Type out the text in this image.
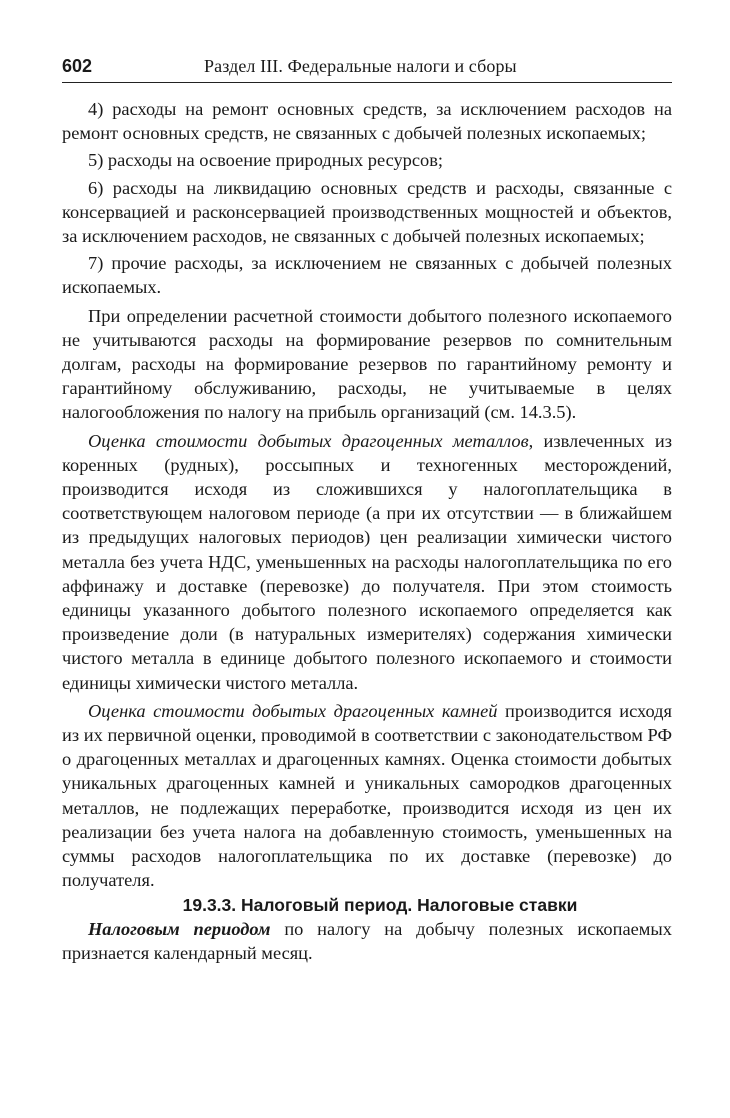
602	Раздел III. Федеральные налоги и сборы

4) расходы на ремонт основных средств, за исключением расходов на ремонт основных средств, не связанных с добычей полезных ископаемых;

5) расходы на освоение природных ресурсов;

6) расходы на ликвидацию основных средств и расходы, связанные с консервацией и расконсервацией производственных мощностей и объектов, за исключением расходов, не связанных с добычей полезных ископаемых;

7) прочие расходы, за исключением не связанных с добычей полезных ископаемых.

При определении расчетной стоимости добытого полезного ископаемого не учитываются расходы на формирование резервов по сомнительным долгам, расходы на формирование резервов по гарантийному ремонту и гарантийному обслуживанию, расходы, не учитываемые в целях налогообложения по налогу на прибыль организаций (см. 14.3.5).

Оценка стоимости добытых драгоценных металлов, извлеченных из коренных (рудных), россыпных и техногенных месторождений, производится исходя из сложившихся у налогоплательщика в соответствующем налоговом периоде (а при их отсутствии — в ближайшем из предыдущих налоговых периодов) цен реализации химически чистого металла без учета НДС, уменьшенных на расходы налогоплательщика по его аффинажу и доставке (перевозке) до получателя. При этом стоимость единицы указанного добытого полезного ископаемого определяется как произведение доли (в натуральных измерителях) содержания химически чистого металла в единице добытого полезного ископаемого и стоимости единицы химически чистого металла.

Оценка стоимости добытых драгоценных камней производится исходя из их первичной оценки, проводимой в соответствии с законодательством РФ о драгоценных металлах и драгоценных камнях. Оценка стоимости добытых уникальных драгоценных камней и уникальных самородков драгоценных металлов, не подлежащих переработке, производится исходя из цен их реализации без учета налога на добавленную стоимость, уменьшенных на суммы расходов налогоплательщика по их доставке (перевозке) до получателя.

19.3.3. Налоговый период. Налоговые ставки

Налоговым периодом по налогу на добычу полезных ископаемых признается календарный месяц.
